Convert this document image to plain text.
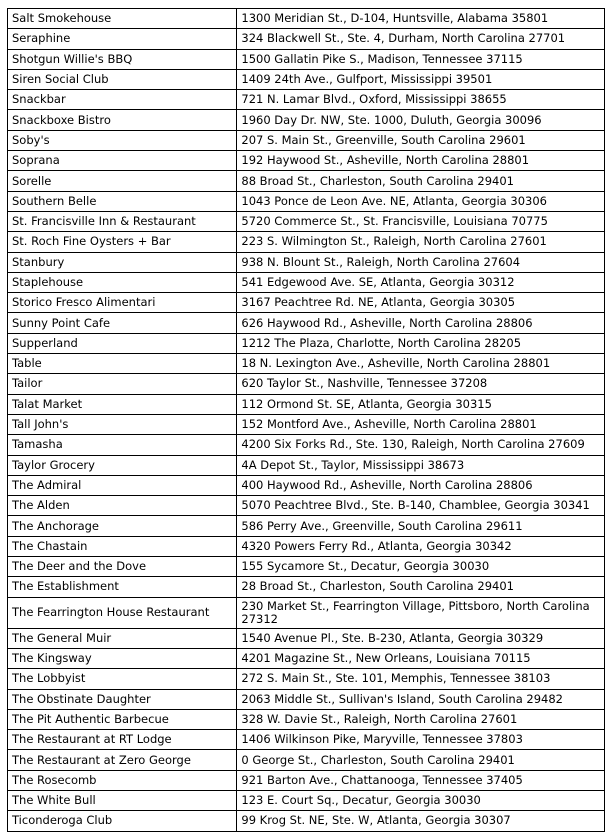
Salt Smokehouse	1300 Meridian St., D-104, Huntsville, Alabama 35801
Seraphine	324 Blackwell St., Ste. 4, Durham, North Carolina 27701
Shotgun Willie's BBQ	1500 Gallatin Pike S., Madison, Tennessee 37115
Siren Social Club	1409 24th Ave., Gulfport, Mississippi 39501
Snackbar	721 N. Lamar Blvd., Oxford, Mississippi 38655
Snackboxe Bistro	1960 Day Dr. NW, Ste. 1000, Duluth, Georgia 30096
Soby's	207 S. Main St., Greenville, South Carolina 29601
Soprana	192 Haywood St., Asheville, North Carolina 28801
Sorelle	88 Broad St., Charleston, South Carolina 29401
Southern Belle	1043 Ponce de Leon Ave. NE, Atlanta, Georgia 30306
St. Francisville Inn & Restaurant	5720 Commerce St., St. Francisville, Louisiana 70775
St. Roch Fine Oysters + Bar	223 S. Wilmington St., Raleigh, North Carolina 27601
Stanbury	938 N. Blount St., Raleigh, North Carolina 27604
Staplehouse	541 Edgewood Ave. SE, Atlanta, Georgia 30312
Storico Fresco Alimentari	3167 Peachtree Rd. NE, Atlanta, Georgia 30305
Sunny Point Cafe	626 Haywood Rd., Asheville, North Carolina 28806
Supperland	1212 The Plaza, Charlotte, North Carolina 28205
Table	18 N. Lexington Ave., Asheville, North Carolina 28801
Tailor	620 Taylor St., Nashville, Tennessee 37208
Talat Market	112 Ormond St. SE, Atlanta, Georgia 30315
Tall John's	152 Montford Ave., Asheville, North Carolina 28801
Tamasha	4200 Six Forks Rd., Ste. 130, Raleigh, North Carolina 27609
Taylor Grocery	4A Depot St., Taylor, Mississippi 38673
The Admiral	400 Haywood Rd., Asheville, North Carolina 28806
The Alden	5070 Peachtree Blvd., Ste. B-140, Chamblee, Georgia 30341
The Anchorage	586 Perry Ave., Greenville, South Carolina 29611
The Chastain	4320 Powers Ferry Rd., Atlanta, Georgia 30342
The Deer and the Dove	155 Sycamore St., Decatur, Georgia 30030
The Establishment	28 Broad St., Charleston, South Carolina 29401
The Fearrington House Restaurant	230 Market St., Fearrington Village, Pittsboro, North Carolina 27312
The General Muir	1540 Avenue Pl., Ste. B-230, Atlanta, Georgia 30329
The Kingsway	4201 Magazine St., New Orleans, Louisiana 70115
The Lobbyist	272 S. Main St., Ste. 101, Memphis, Tennessee 38103
The Obstinate Daughter	2063 Middle St., Sullivan's Island, South Carolina 29482
The Pit Authentic Barbecue	328 W. Davie St., Raleigh, North Carolina 27601
The Restaurant at RT Lodge	1406 Wilkinson Pike, Maryville, Tennessee 37803
The Restaurant at Zero George	0 George St., Charleston, South Carolina 29401
The Rosecomb	921 Barton Ave., Chattanooga, Tennessee 37405
The White Bull	123 E. Court Sq., Decatur, Georgia 30030
Ticonderoga Club	99 Krog St. NE, Ste. W, Atlanta, Georgia 30307
